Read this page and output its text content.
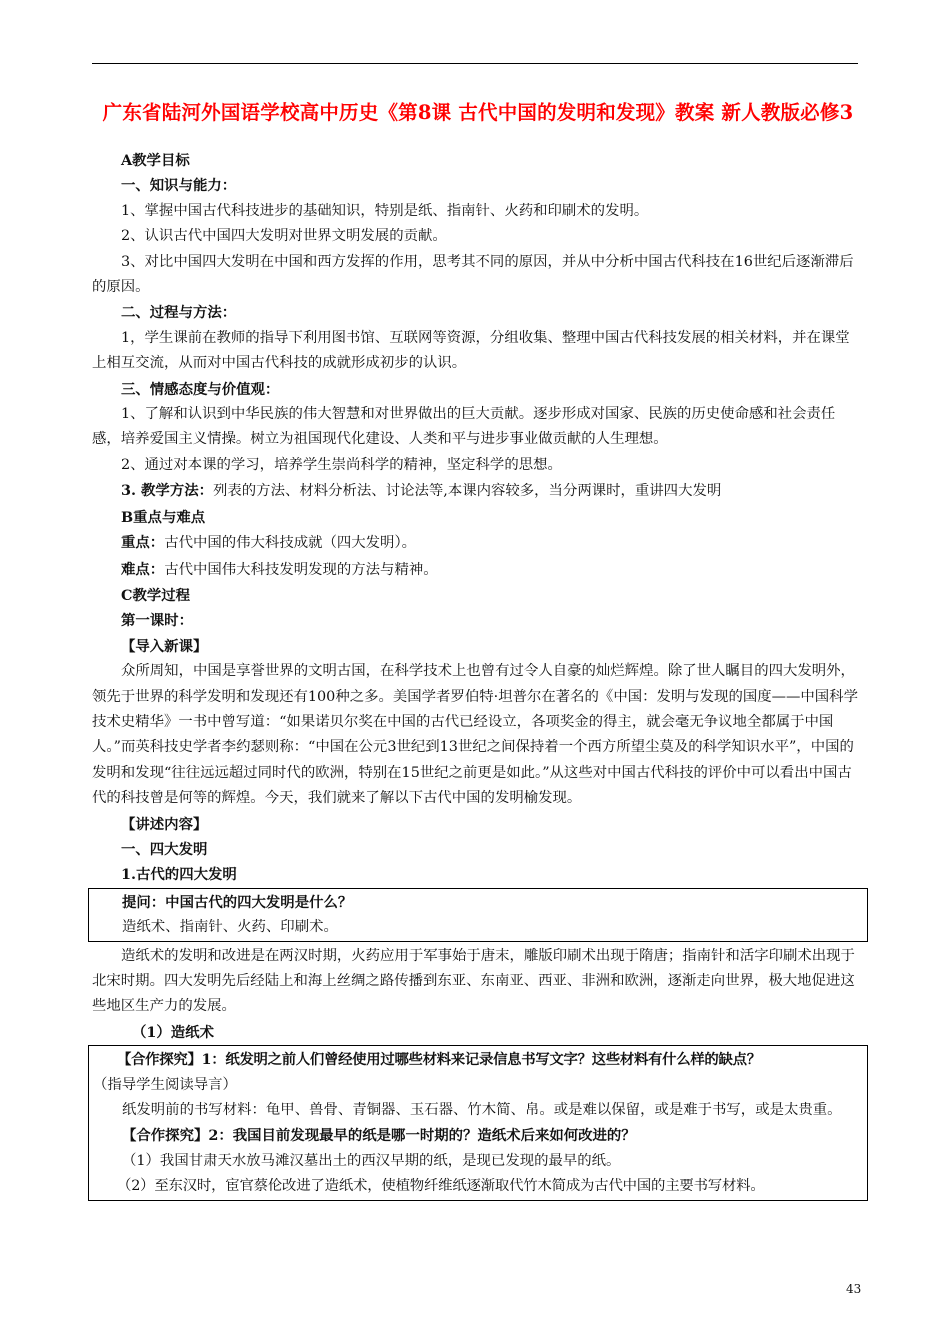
广东省陆河外国语学校高中历史《第8课 古代中国的发明和发现》教案 新人教版必修3

A教学目标

一、知识与能力：

1、掌握中国古代科技进步的基础知识，特别是纸、指南针、火药和印刷术的发明。

2、认识古代中国四大发明对世界文明发展的贡献。

3、对比中国四大发明在中国和西方发挥的作用，思考其不同的原因，并从中分析中国古代科技在16世纪后逐渐滞后的原因。

二、过程与方法：

1，学生课前在教师的指导下利用图书馆、互联网等资源，分组收集、整理中国古代科技发展的相关材料，并在课堂上相互交流，从而对中国古代科技的成就形成初步的认识。

三、情感态度与价值观：

1、了解和认识到中华民族的伟大智慧和对世界做出的巨大贡献。逐步形成对国家、民族的历史使命感和社会责任感，培养爱国主义情操。树立为祖国现代化建设、人类和平与进步事业做贡献的人生理想。

2、通过对本课的学习，培养学生崇尚科学的精神，坚定科学的思想。

3. 教学方法：列表的方法、材料分析法、讨论法等,本课内容较多，当分两课时，重讲四大发明

B重点与难点

重点：古代中国的伟大科技成就（四大发明）。

难点：古代中国伟大科技发明发现的方法与精神。

C教学过程

第一课时：

【导入新课】

众所周知，中国是享誉世界的文明古国，在科学技术上也曾有过令人自豪的灿烂辉煌。除了世人瞩目的四大发明外，领先于世界的科学发明和发现还有100种之多。美国学者罗伯特·坦普尔在著名的《中国：发明与发现的国度——中国科学技术史精华》一书中曾写道：“如果诺贝尔奖在中国的古代已经设立，各项奖金的得主，就会毫无争议地全都属于中国人。”而英科技史学者李约瑟则称：“中国在公元3世纪到13世纪之间保持着一个西方所望尘莫及的科学知识水平”，中国的发明和发现“往往远远超过同时代的欧洲，特别在15世纪之前更是如此。”从这些对中国古代科技的评价中可以看出中国古代的科技曾是何等的辉煌。今天，我们就来了解以下古代中国的发明榆发现。

【讲述内容】

一、四大发明

1.古代的四大发明

提问：中国古代的四大发明是什么？

造纸术、指南针、火药、印刷术。

造纸术的发明和改进是在两汉时期，火药应用于军事始于唐末，雕版印刷术出现于隋唐；指南针和活字印刷术出现于北宋时期。四大发明先后经陆上和海上丝绸之路传播到东亚、东南亚、西亚、非洲和欧洲，逐渐走向世界，极大地促进这些地区生产力的发展。

（1）造纸术

【合作探究】1：纸发明之前人们曾经使用过哪些材料来记录信息书写文字？这些材料有什么样的缺点？

（指导学生阅读导言）

纸发明前的书写材料：龟甲、兽骨、青铜器、玉石器、竹木简、帛。或是难以保留，或是难于书写，或是太贵重。

【合作探究】2：我国目前发现最早的纸是哪一时期的？造纸术后来如何改进的？

（1）我国甘肃天水放马滩汉墓出土的西汉早期的纸，是现已发现的最早的纸。

（2）至东汉时，宦官蔡伦改进了造纸术，使植物纤维纸逐渐取代竹木简成为古代中国的主要书写材料。

43
